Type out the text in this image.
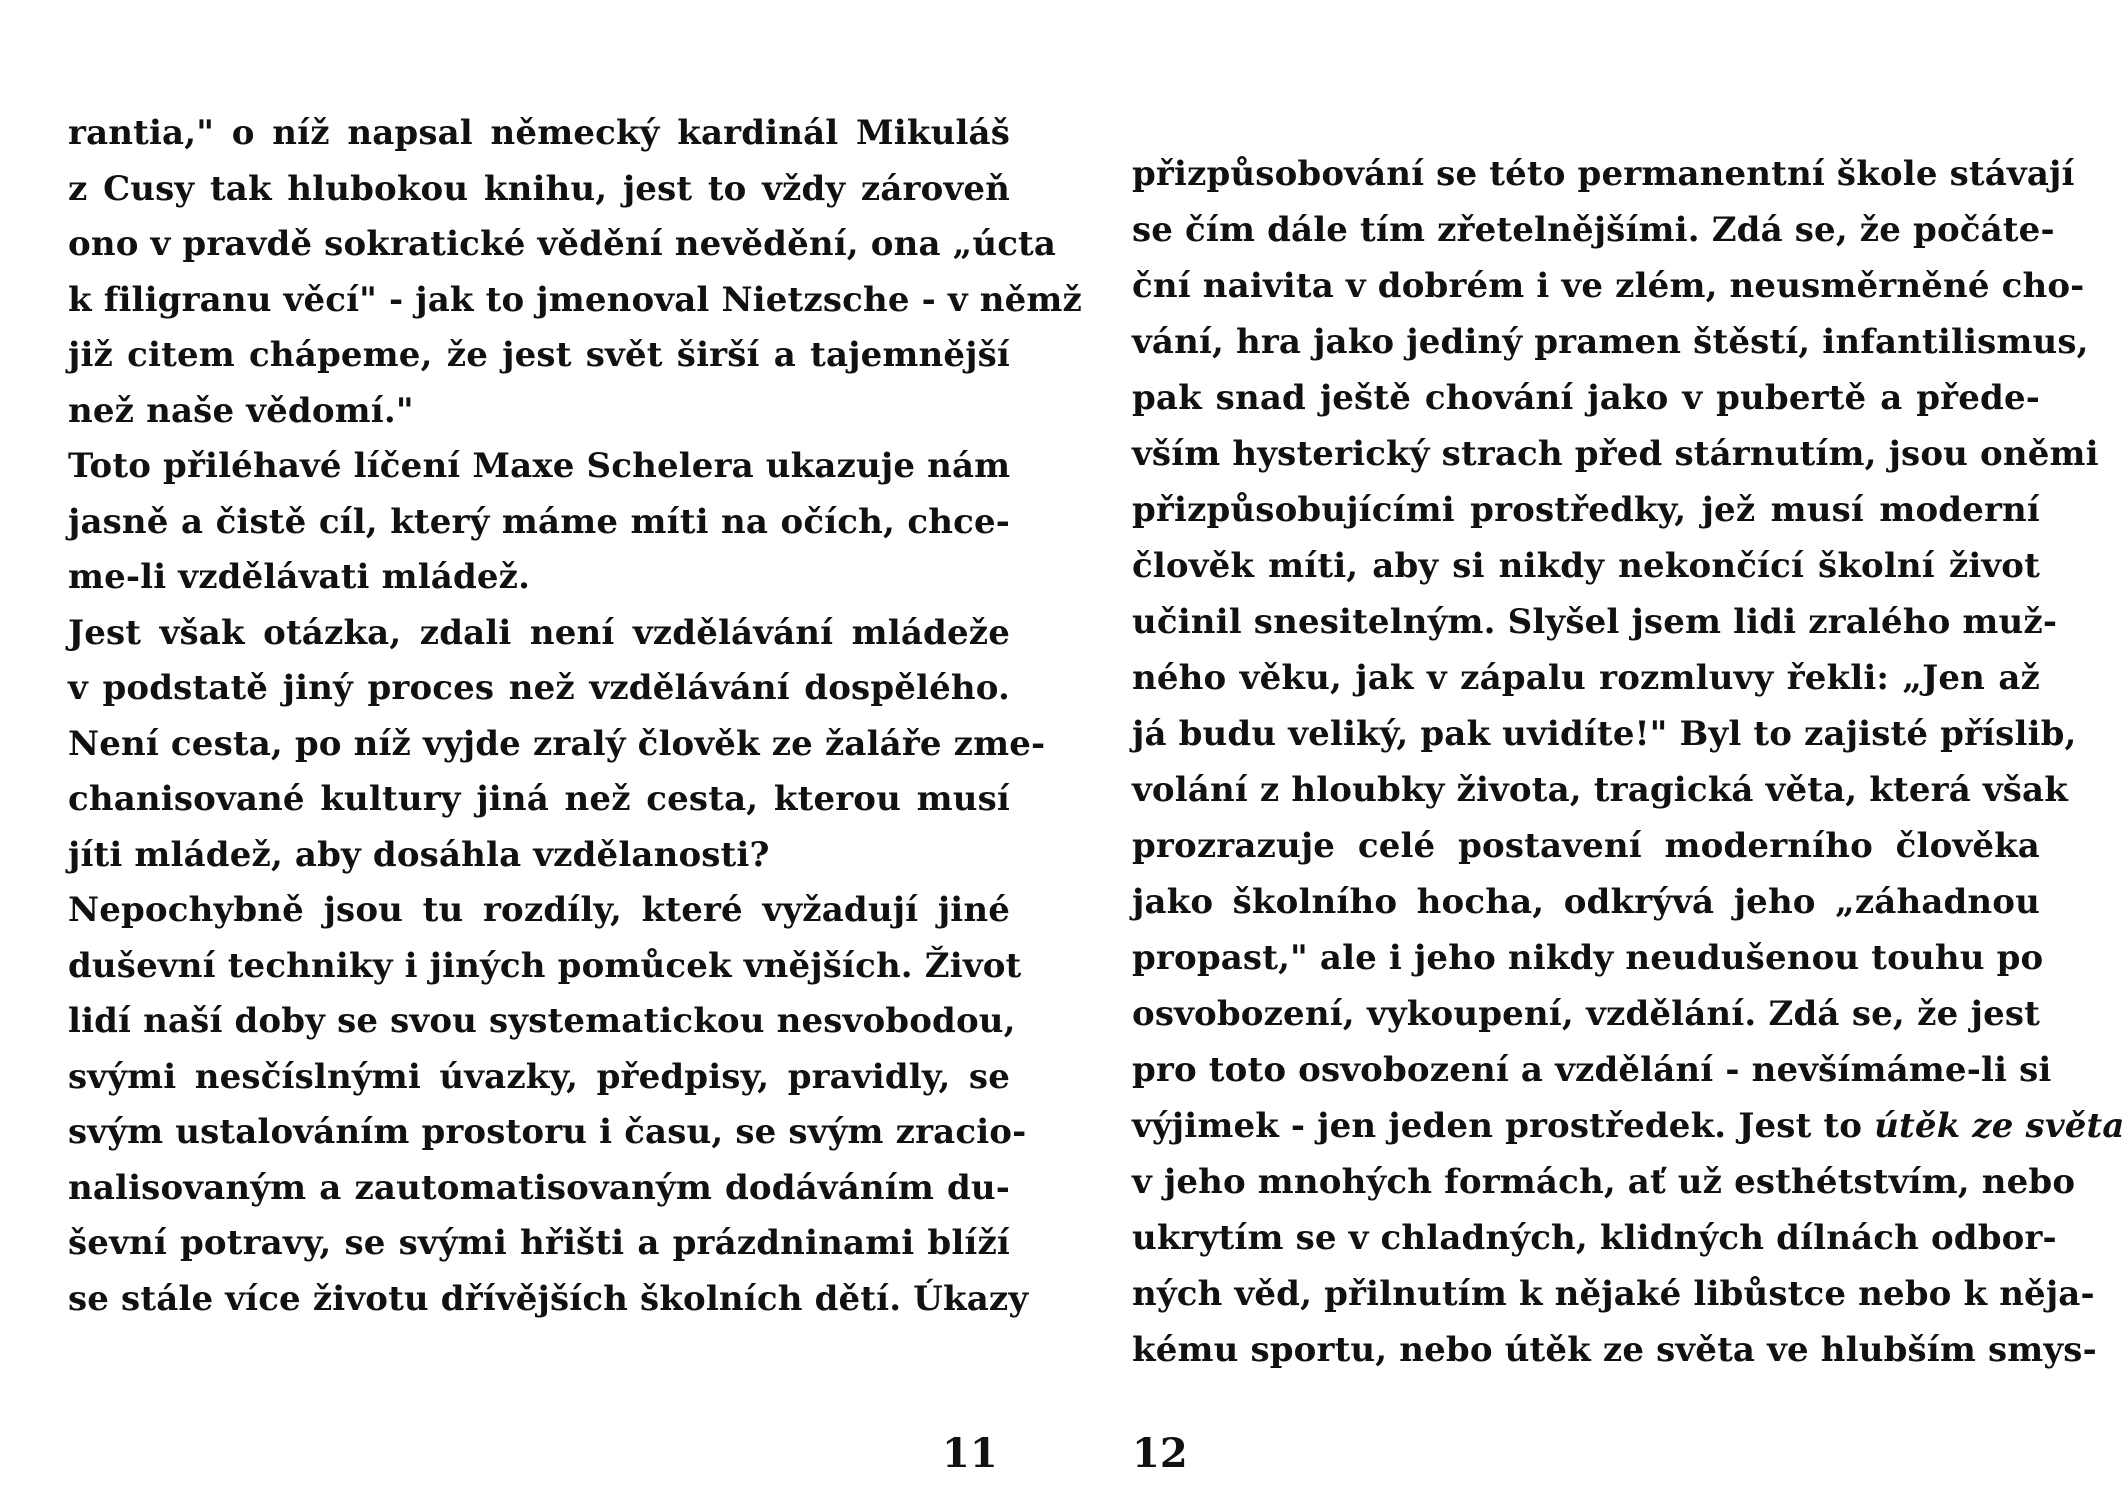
rantia," o níž napsal německý kardinál Mikuláš
z Cusy tak hlubokou knihu, jest to vždy zároveň
ono v pravdě sokratické vědění nevědění, ona „úcta
k filigranu věcí" - jak to jmenoval Nietzsche - v němž
již citem chápeme, že jest svět širší a tajemnější
než naše vědomí."
Toto přiléhavé líčení Maxe Schelera ukazuje nám
jasně a čistě cíl, který máme míti na očích, chce-
me-li vzdělávati mládež.
Jest však otázka, zdali není vzdělávání mládeže
v podstatě jiný proces než vzdělávání dospělého.
Není cesta, po níž vyjde zralý člověk ze žaláře zme-
chanisované kultury jiná než cesta, kterou musí
jíti mládež, aby dosáhla vzdělanosti?
Nepochybně jsou tu rozdíly, které vyžadují jiné
duševní techniky i jiných pomůcek vnějších. Život
lidí naší doby se svou systematickou nesvobodou,
svými nesčíslnými úvazky, předpisy, pravidly, se
svým ustalováním prostoru i času, se svým zracio-
nalisovaným a zautomatisovaným dodáváním du-
ševní potravy, se svými hřišti a prázdninami blíží
se stále více životu dřívějších školních dětí. Úkazy
přizpůsobování se této permanentní škole stávají
se čím dále tím zřetelnějšími. Zdá se, že počáte-
ční naivita v dobrém i ve zlém, neusměrněné cho-
vání, hra jako jediný pramen štěstí, infantilismus,
pak snad ještě chování jako v pubertě a přede-
vším hysterický strach před stárnutím, jsou oněmi
přizpůsobujícími prostředky, jež musí moderní
člověk míti, aby si nikdy nekončící školní život
učinil snesitelným. Slyšel jsem lidi zralého muž-
ného věku, jak v zápalu rozmluvy řekli: „Jen až
já budu veliký, pak uvidíte!" Byl to zajisté příslib,
volání z hloubky života, tragická věta, která však
prozrazuje celé postavení moderního člověka
jako školního hocha, odkrývá jeho „záhadnou
propast," ale i jeho nikdy neudušenou touhu po
osvobození, vykoupení, vzdělání. Zdá se, že jest
pro toto osvobození a vzdělání - nevšímáme-li si
výjimek - jen jeden prostředek. Jest to útěk ze světa
v jeho mnohých formách, ať už esthétstvím, nebo
ukrytím se v chladných, klidných dílnách odbor-
ných věd, přilnutím k nějaké libůstce nebo k něja-
kému sportu, nebo útěk ze světa ve hlubším smys-
11	12
